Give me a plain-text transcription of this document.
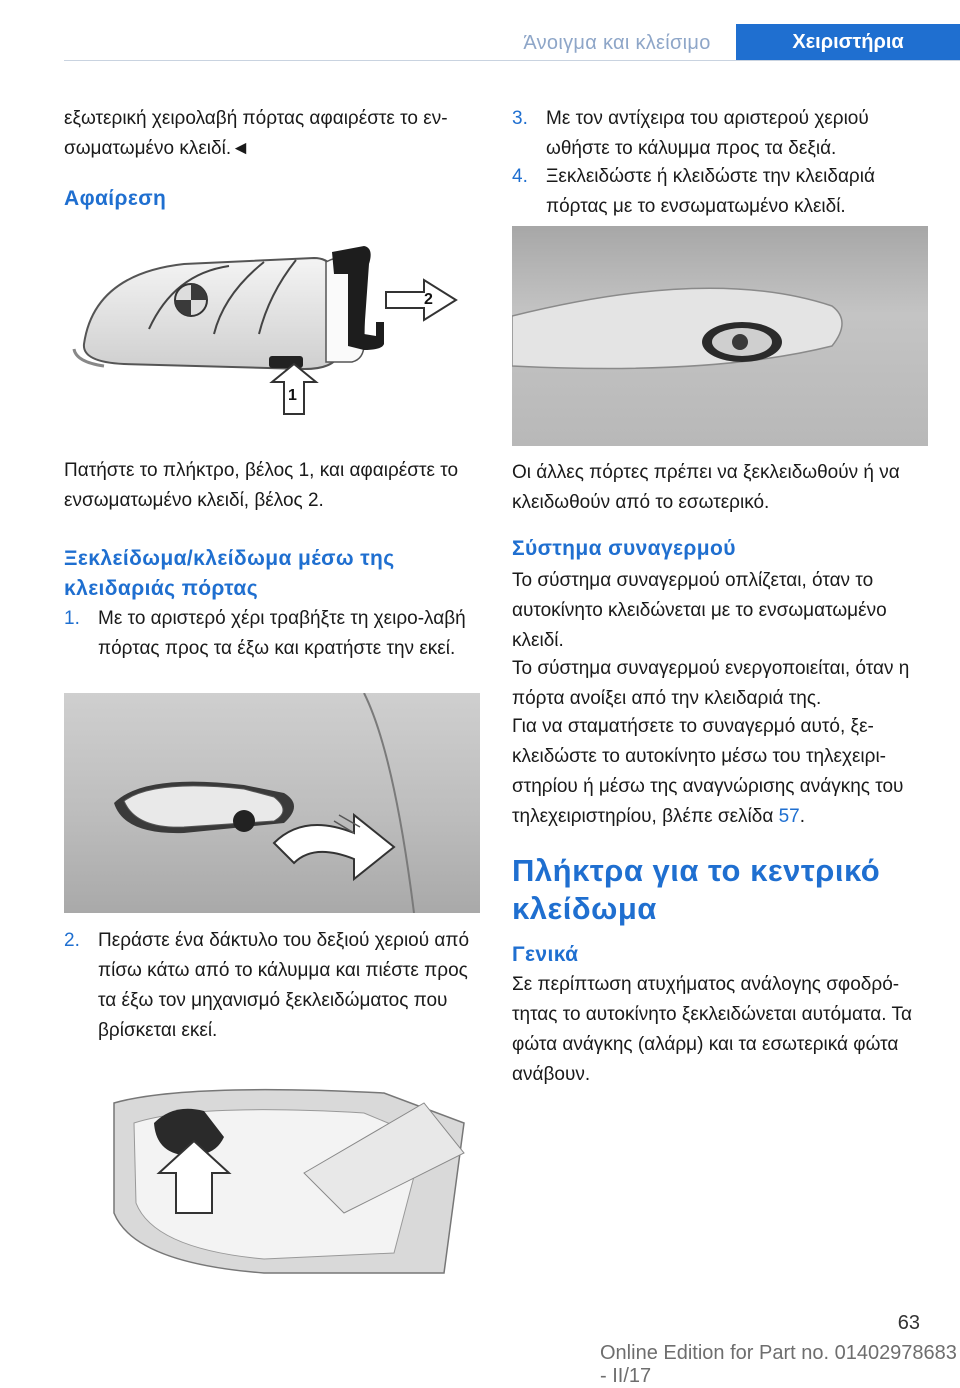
Άνοιγμα και κλείσιμο	Χειριστήρια

εξωτερική χειρολαβή πόρτας αφαιρέστε το εν‐σωματωμένο κλειδί.◄

Αφαίρεση

2
1

Πατήστε το πλήκτρο, βέλος 1, και αφαιρέστε το ενσωματωμένο κλειδί, βέλος 2.

Ξεκλείδωμα/κλείδωμα μέσω της κλειδαριάς πόρτας

1. Με το αριστερό χέρι τραβήξτε τη χειρο‐λαβή πόρτας προς τα έξω και κρατήστε την εκεί.

2. Περάστε ένα δάκτυλο του δεξιού χεριού από πίσω κάτω από το κάλυμμα και πιέστε προς τα έξω τον μηχανισμό ξεκλειδώματος που βρίσκεται εκεί.

3. Με τον αντίχειρα του αριστερού χεριού ωθήστε το κάλυμμα προς τα δεξιά.

4. Ξεκλειδώστε ή κλειδώστε την κλειδαριά πόρτας με το ενσωματωμένο κλειδί.

Οι άλλες πόρτες πρέπει να ξεκλειδωθούν ή να κλειδωθούν από το εσωτερικό.

Σύστημα συναγερμού

Το σύστημα συναγερμού οπλίζεται, όταν το αυτοκίνητο κλειδώνεται με το ενσωματωμένο κλειδί.

Το σύστημα συναγερμού ενεργοποιείται, όταν η πόρτα ανοίξει από την κλειδαριά της.

Για να σταματήσετε το συναγερμό αυτό, ξε‐κλειδώστε το αυτοκίνητο μέσω του τηλεχειρι‐στηρίου ή μέσω της αναγνώρισης ανάγκης του τηλεχειριστηρίου, βλέπε σελίδα 57.

Πλήκτρα για το κεντρικό κλείδωμα

Γενικά

Σε περίπτωση ατυχήματος ανάλογης σφοδρό‐τητας το αυτοκίνητο ξεκλειδώνεται αυτόματα. Τα φώτα ανάγκης (αλάρμ) και τα εσωτερικά φώτα ανάβουν.

63
Online Edition for Part no. 01402978683 - II/17
